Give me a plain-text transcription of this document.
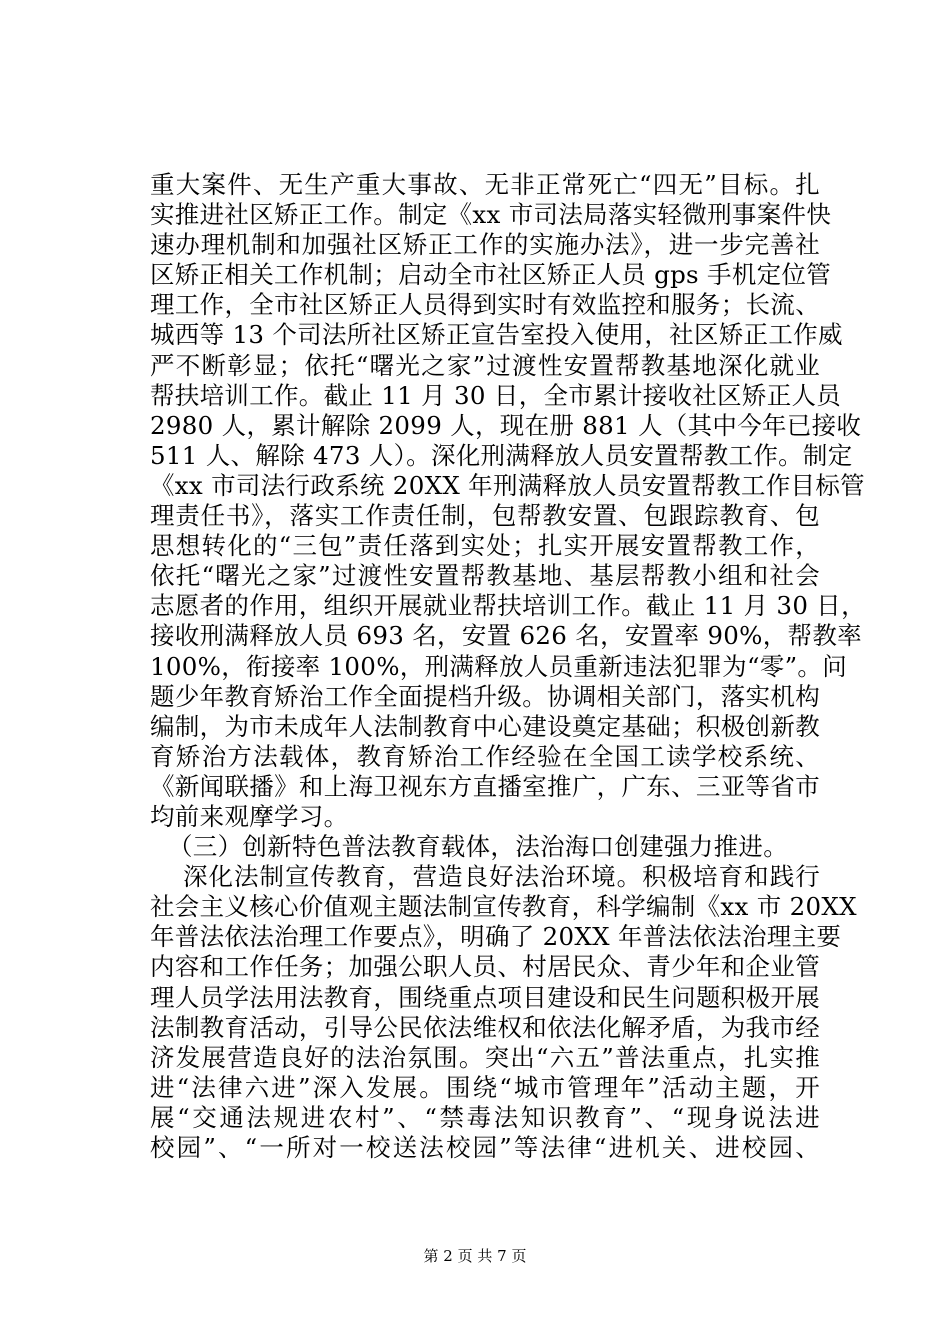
重大案件、无生产重大事故、无非正常死亡“四无”目标。扎
实推进社区矫正工作。制定《xx 市司法局落实轻微刑事案件快
速办理机制和加强社区矫正工作的实施办法》，进一步完善社
区矫正相关工作机制；启动全市社区矫正人员 gps 手机定位管
理工作，全市社区矫正人员得到实时有效监控和服务；长流、
城西等 13 个司法所社区矫正宣告室投入使用，社区矫正工作威
严不断彰显；依托“曙光之家”过渡性安置帮教基地深化就业
帮扶培训工作。截止 11 月 30 日，全市累计接收社区矫正人员
2980 人，累计解除 2099 人，现在册 881 人（其中今年已接收
511 人、解除 473 人）。深化刑满释放人员安置帮教工作。制定
《xx 市司法行政系统 20XX 年刑满释放人员安置帮教工作目标管
理责任书》，落实工作责任制，包帮教安置、包跟踪教育、包
思想转化的“三包”责任落到实处；扎实开展安置帮教工作，
依托“曙光之家”过渡性安置帮教基地、基层帮教小组和社会
志愿者的作用，组织开展就业帮扶培训工作。截止 11 月 30 日，
接收刑满释放人员 693 名，安置 626 名，安置率 90%，帮教率
100%，衔接率 100%，刑满释放人员重新违法犯罪为“零”。问
题少年教育矫治工作全面提档升级。协调相关部门，落实机构
编制，为市未成年人法制教育中心建设奠定基础；积极创新教
育矫治方法载体，教育矫治工作经验在全国工读学校系统、
《新闻联播》和上海卫视东方直播室推广，广东、三亚等省市
均前来观摩学习。
（三）创新特色普法教育载体，法治海口创建强力推进。
深化法制宣传教育，营造良好法治环境。积极培育和践行
社会主义核心价值观主题法制宣传教育，科学编制《xx 市 20XX
年普法依法治理工作要点》，明确了 20XX 年普法依法治理主要
内容和工作任务；加强公职人员、村居民众、青少年和企业管
理人员学法用法教育，围绕重点项目建设和民生问题积极开展
法制教育活动，引导公民依法维权和依法化解矛盾，为我市经
济发展营造良好的法治氛围。突出“六五”普法重点，扎实推
进“法律六进”深入发展。围绕“城市管理年”活动主题，开
展“交通法规进农村”、“禁毒法知识教育”、“现身说法进
校园”、“一所对一校送法校园”等法律“进机关、进校园、
第 2 页 共 7 页
